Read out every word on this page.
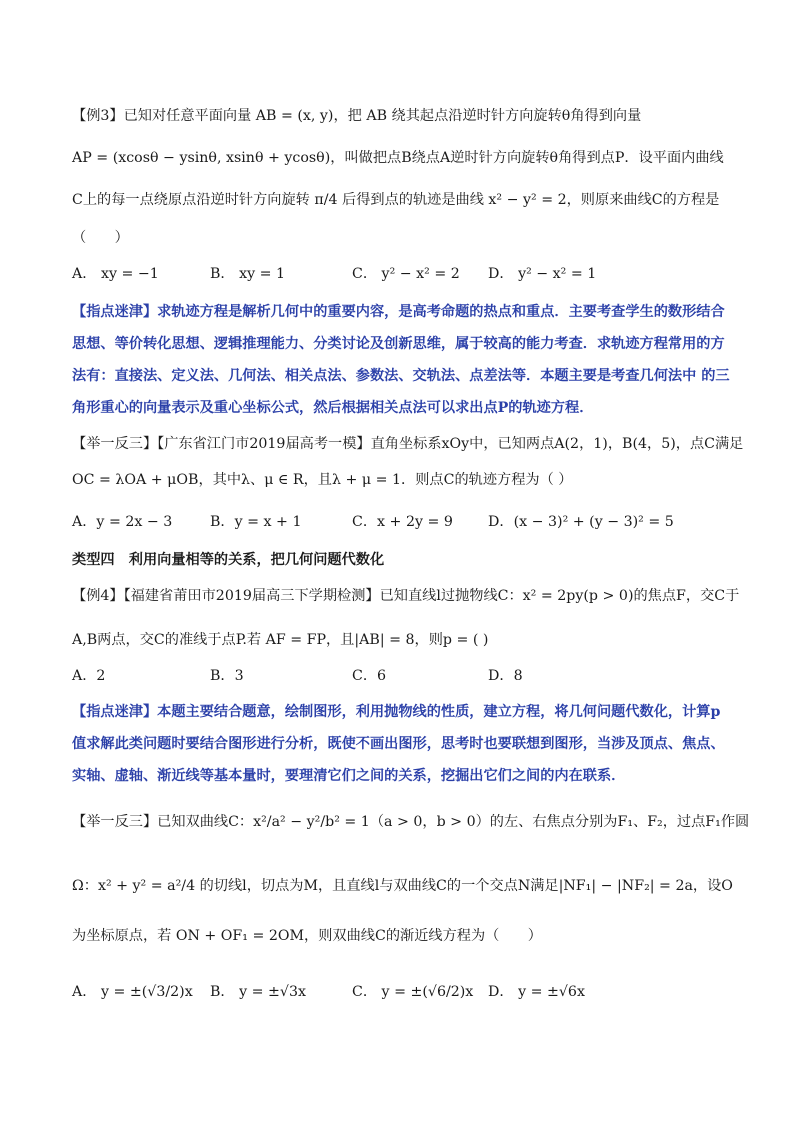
【例3】已知对任意平面向量 AB = (x, y)，把 AB 绕其起点沿逆时针方向旋转θ角得到向量
AP = (xcosθ − ysinθ, xsinθ + ycosθ)，叫做把点B绕点A逆时针方向旋转θ角得到点P．设平面内曲线
C上的每一点绕原点沿逆时针方向旋转 π/4 后得到点的轨迹是曲线 x² − y² = 2，则原来曲线C的方程是
（　　）
A． xy = −1	B． xy = 1	C． y² − x² = 2 D． y² − x² = 1
【指点迷津】求轨迹方程是解析几何中的重要内容，是高考命题的热点和重点．主要考查学生的数形结合
思想、等价转化思想、逻辑推理能力、分类讨论及创新思维，属于较高的能力考查．求轨迹方程常用的方
法有：直接法、定义法、几何法、相关点法、参数法、交轨法、点差法等．本题主要是考查几何法中 的三
角形重心的向量表示及重心坐标公式，然后根据相关点法可以求出点P的轨迹方程．
【举一反三】【广东省江门市2019届高考一模】直角坐标系xOy中，已知两点A(2，1)，B(4，5)，点C满足
OC = λOA + μOB，其中λ、μ ∈ R，且λ + μ = 1．则点C的轨迹方程为（ ）
A．y = 2x − 3	B．y = x + 1	C．x + 2y = 9 D．(x − 3)² + (y − 3)² = 5
类型四　利用向量相等的关系，把几何问题代数化
【例4】【福建省莆田市2019届高三下学期检测】已知直线l过抛物线C：x² = 2py(p > 0)的焦点F，交C于
A,B两点，交C的准线于点P.若 AF = FP，且|AB| = 8，则p = ( )
A．2	B．3	C．6	D．8
【指点迷津】本题主要结合题意，绘制图形，利用抛物线的性质，建立方程，将几何问题代数化，计算p
值求解此类问题时要结合图形进行分析，既使不画出图形，思考时也要联想到图形，当涉及顶点、焦点、
实轴、虚轴、渐近线等基本量时，要理清它们之间的关系，挖掘出它们之间的内在联系．
【举一反三】已知双曲线C：x²/a² − y²/b² = 1（a > 0，b > 0）的左、右焦点分别为F₁、F₂，过点F₁作圆
Ω：x² + y² = a²/4 的切线l，切点为M，且直线l与双曲线C的一个交点N满足|NF₁| − |NF₂| = 2a，设O
为坐标原点，若 ON + OF₁ = 2OM，则双曲线C的渐近线方程为（　　）
A． y = ±(√3/2)x B． y = ±√3x	C． y = ±(√6/2)x D． y = ±√6x
